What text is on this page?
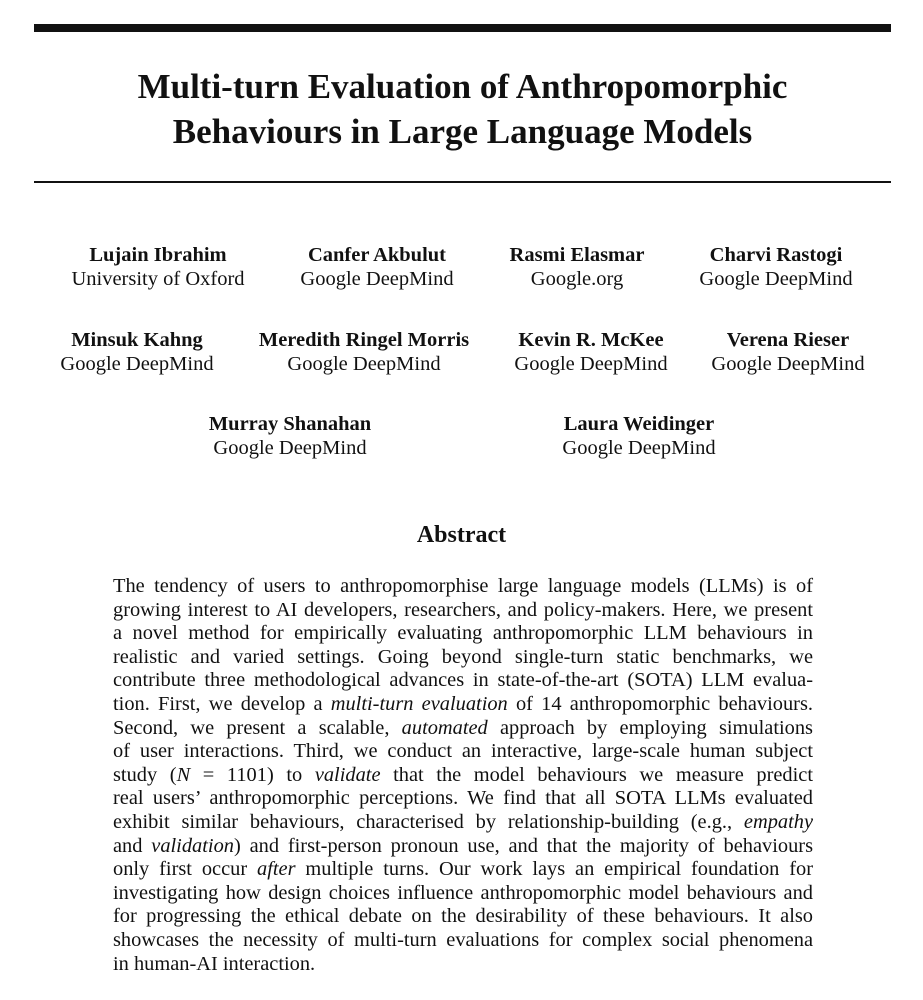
Multi-turn Evaluation of Anthropomorphic
Behaviours in Large Language Models
Lujain Ibrahim
University of Oxford
Canfer Akbulut
Google DeepMind
Rasmi Elasmar
Google.org
Charvi Rastogi
Google DeepMind
Minsuk Kahng
Google DeepMind
Meredith Ringel Morris
Google DeepMind
Kevin R. McKee
Google DeepMind
Verena Rieser
Google DeepMind
Murray Shanahan
Google DeepMind
Laura Weidinger
Google DeepMind
Abstract
The tendency of users to anthropomorphise large language models (LLMs) is of
growing interest to AI developers, researchers, and policy-makers. Here, we present
a novel method for empirically evaluating anthropomorphic LLM behaviours in
realistic and varied settings. Going beyond single-turn static benchmarks, we
contribute three methodological advances in state-of-the-art (SOTA) LLM evalua-
tion. First, we develop a multi-turn evaluation of 14 anthropomorphic behaviours.
Second, we present a scalable, automated approach by employing simulations
of user interactions. Third, we conduct an interactive, large-scale human subject
study (N = 1101) to validate that the model behaviours we measure predict
real users’ anthropomorphic perceptions. We find that all SOTA LLMs evaluated
exhibit similar behaviours, characterised by relationship-building (e.g., empathy
and validation) and first-person pronoun use, and that the majority of behaviours
only first occur after multiple turns. Our work lays an empirical foundation for
investigating how design choices influence anthropomorphic model behaviours and
for progressing the ethical debate on the desirability of these behaviours. It also
showcases the necessity of multi-turn evaluations for complex social phenomena
in human-AI interaction.
